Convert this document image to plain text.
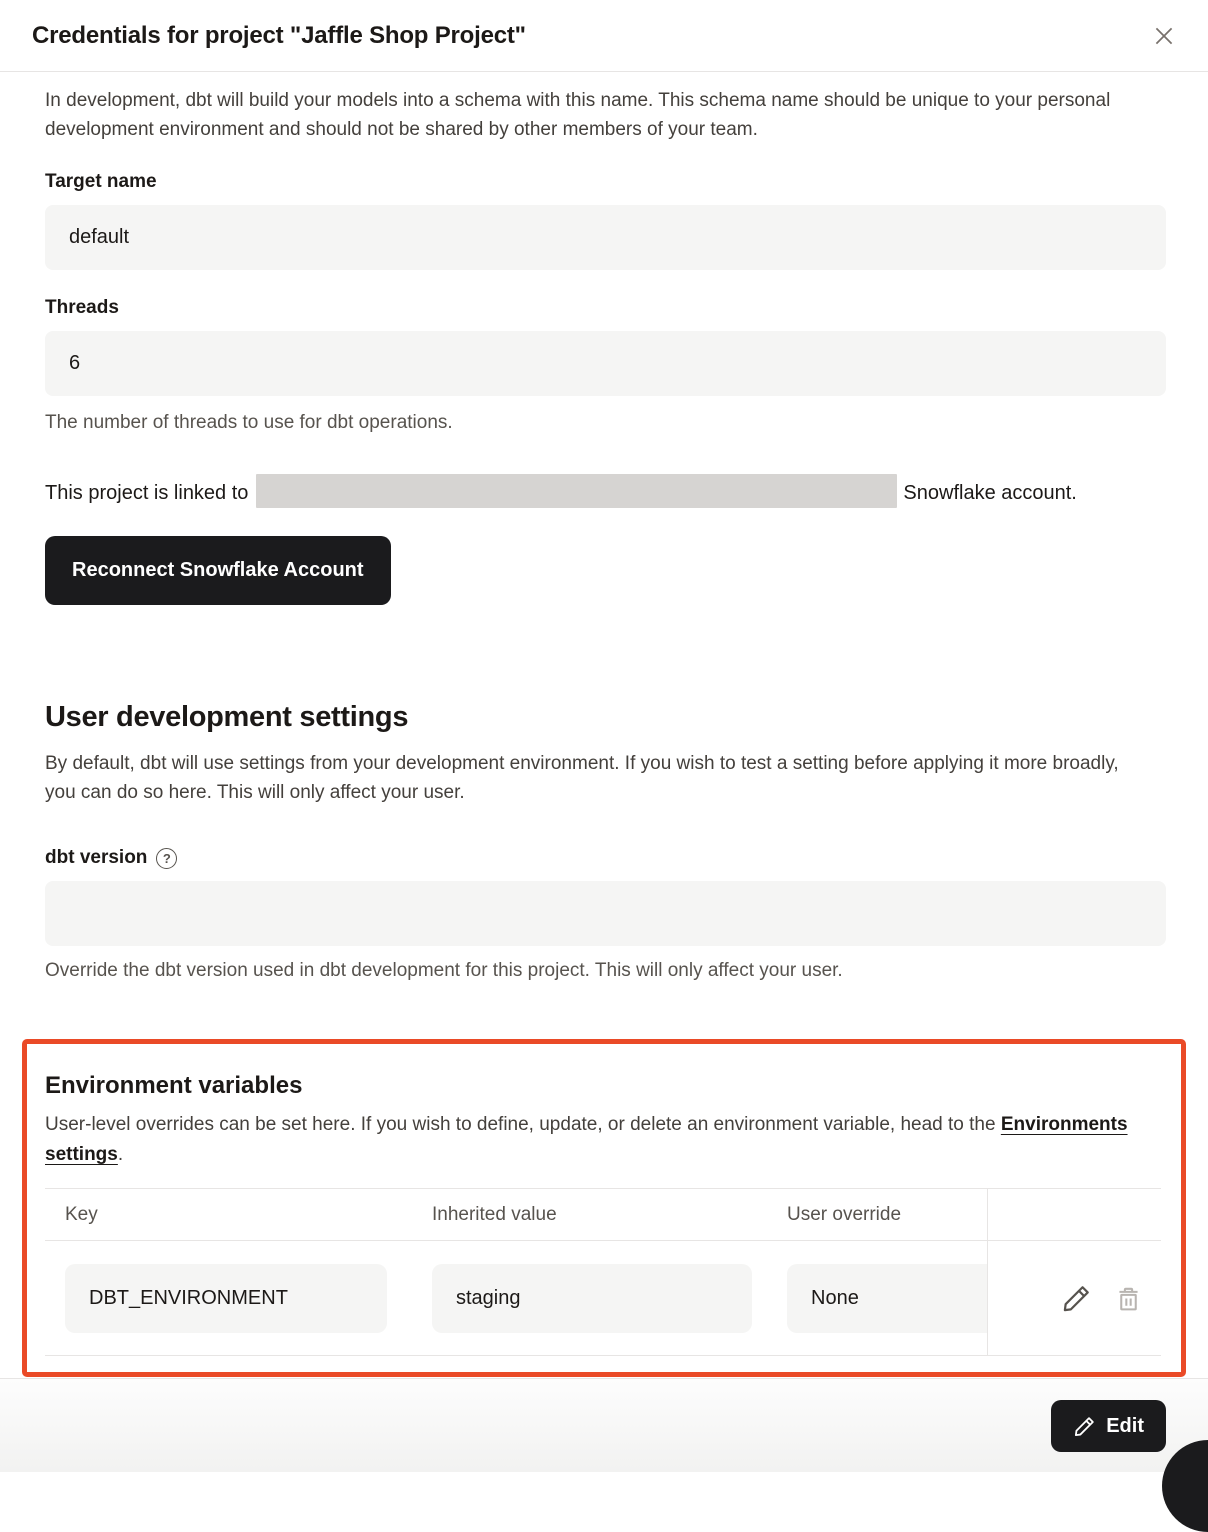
Credentials for project "Jaffle Shop Project"

In development, dbt will build your models into a schema with this name. This schema name should be unique to your personal development environment and should not be shared by other members of your team.

Target name
default
Threads
6
The number of threads to use for dbt operations.

This project is linked to	Snowflake account.

Reconnect Snowflake Account
User development settings

By default, dbt will use settings from your development environment. If you wish to test a setting before applying it more broadly, you can do so here. This will only affect your user.

dbt version	?
Override the dbt version used in dbt development for this project. This will only affect your user.
Environment variables

User-level overrides can be set here. If you wish to define, update, or delete an environment variable, head to the Environments settings.

Key	Inherited value	User override
DBT_ENVIRONMENT	staging	None
Edit
